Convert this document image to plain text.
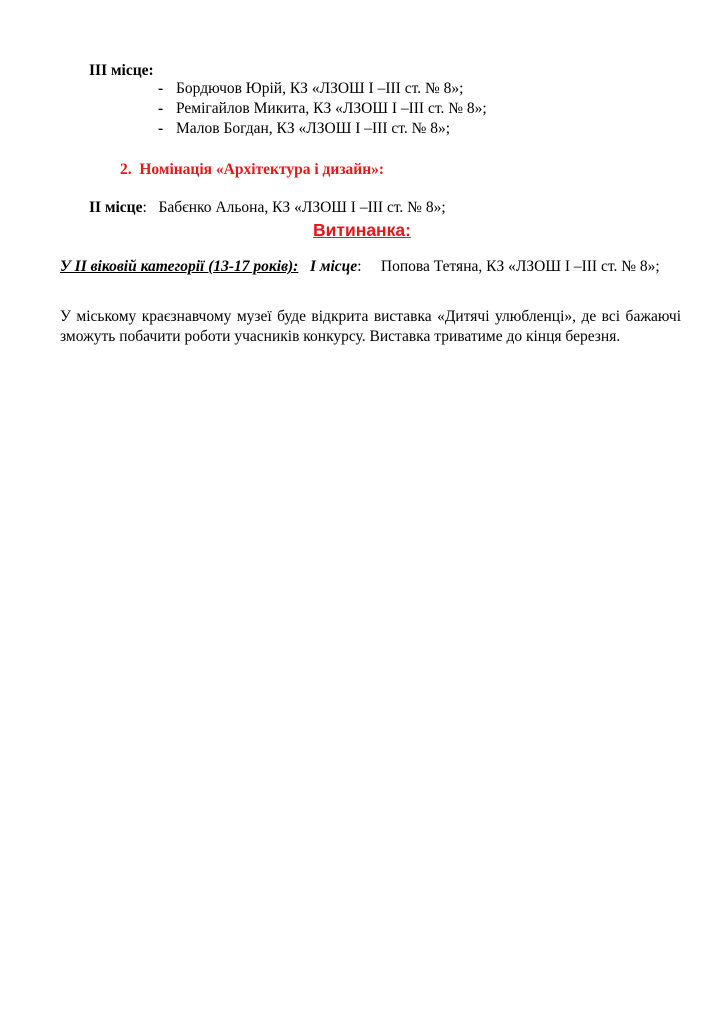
III місце:
- Бордючов Юрій, КЗ «ЛЗОШ І –ІІІ ст. № 8»;
- Ремігайлов Микита, КЗ «ЛЗОШ І –ІІІ ст. № 8»;
- Малов Богдан, КЗ «ЛЗОШ І –ІІІ ст. № 8»;
2. Номінація «Архітектура і дизайн»:
ІІ місце: Бабєнко Альона, КЗ «ЛЗОШ І –ІІІ ст. № 8»;
Витинанка:
У ІІ віковій категорії (13-17 років): І місце: Попова Тетяна, КЗ «ЛЗОШ І –ІІІ ст. № 8»;
У міському краєзнавчому музеї буде відкрита виставка «Дитячі улюбленці», де всі бажаючі зможуть побачити роботи учасників конкурсу. Виставка триватиме до кінця березня.
